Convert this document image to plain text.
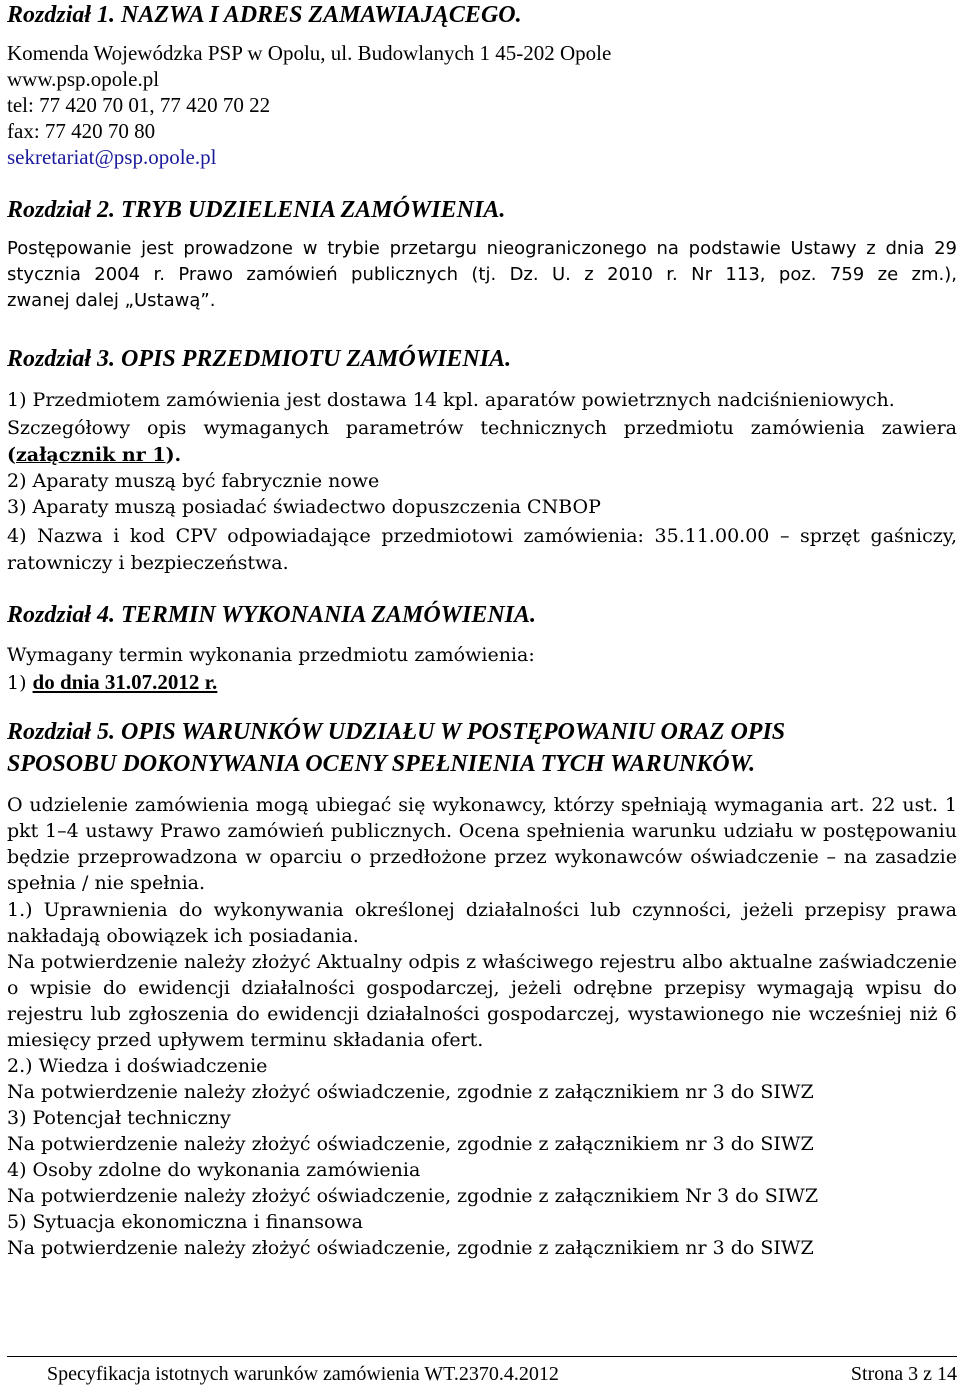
Rozdział 1. NAZWA I ADRES ZAMAWIAJĄCEGO.
Komenda Wojewódzka PSP w Opolu, ul. Budowlanych 1 45-202 Opole
www.psp.opole.pl
tel: 77 420 70 01, 77 420 70 22
fax: 77 420 70 80
sekretariat@psp.opole.pl
Rozdział 2. TRYB UDZIELENIA ZAMÓWIENIA.
Postępowanie jest prowadzone w trybie przetargu nieograniczonego na podstawie Ustawy z dnia 29
stycznia 2004 r. Prawo zamówień publicznych (tj. Dz. U. z 2010 r. Nr 113, poz. 759 ze zm.),
zwanej dalej „Ustawą”.
Rozdział 3. OPIS PRZEDMIOTU ZAMÓWIENIA.
1) Przedmiotem zamówienia jest dostawa 14 kpl. aparatów powietrznych nadciśnieniowych.
Szczegółowy opis wymaganych parametrów technicznych przedmiotu zamówienia zawiera
(załącznik nr 1).
2) Aparaty muszą być fabrycznie nowe
3) Aparaty muszą posiadać świadectwo dopuszczenia CNBOP
4) Nazwa i kod CPV odpowiadające przedmiotowi zamówienia: 35.11.00.00 – sprzęt gaśniczy,
ratowniczy i bezpieczeństwa.
Rozdział 4. TERMIN WYKONANIA ZAMÓWIENIA.
Wymagany termin wykonania przedmiotu zamówienia:
1) do dnia 31.07.2012 r.
Rozdział 5. OPIS WARUNKÓW UDZIAŁU W POSTĘPOWANIU ORAZ OPIS
SPOSOBU DOKONYWANIA OCENY SPEŁNIENIA TYCH WARUNKÓW.
O udzielenie zamówienia mogą ubiegać się wykonawcy, którzy spełniają wymagania art. 22 ust. 1
pkt 1–4 ustawy Prawo zamówień publicznych. Ocena spełnienia warunku udziału w postępowaniu
będzie przeprowadzona w oparciu o przedłożone przez wykonawców oświadczenie – na zasadzie
spełnia / nie spełnia.
1.) Uprawnienia do wykonywania określonej działalności lub czynności, jeżeli przepisy prawa
nakładają obowiązek ich posiadania.
Na potwierdzenie należy złożyć Aktualny odpis z właściwego rejestru albo aktualne zaświadczenie
o wpisie do ewidencji działalności gospodarczej, jeżeli odrębne przepisy wymagają wpisu do
rejestru lub zgłoszenia do ewidencji działalności gospodarczej, wystawionego nie wcześniej niż 6
miesięcy przed upływem terminu składania ofert.
2.) Wiedza i doświadczenie
Na potwierdzenie należy złożyć oświadczenie, zgodnie z załącznikiem nr 3 do SIWZ
3) Potencjał techniczny
Na potwierdzenie należy złożyć oświadczenie, zgodnie z załącznikiem nr 3 do SIWZ
4) Osoby zdolne do wykonania zamówienia
Na potwierdzenie należy złożyć oświadczenie, zgodnie z załącznikiem Nr 3 do SIWZ
5) Sytuacja ekonomiczna i finansowa
Na potwierdzenie należy złożyć oświadczenie, zgodnie z załącznikiem nr 3 do SIWZ
Specyfikacja istotnych warunków zamówienia WT.2370.4.2012	Strona 3 z 14
